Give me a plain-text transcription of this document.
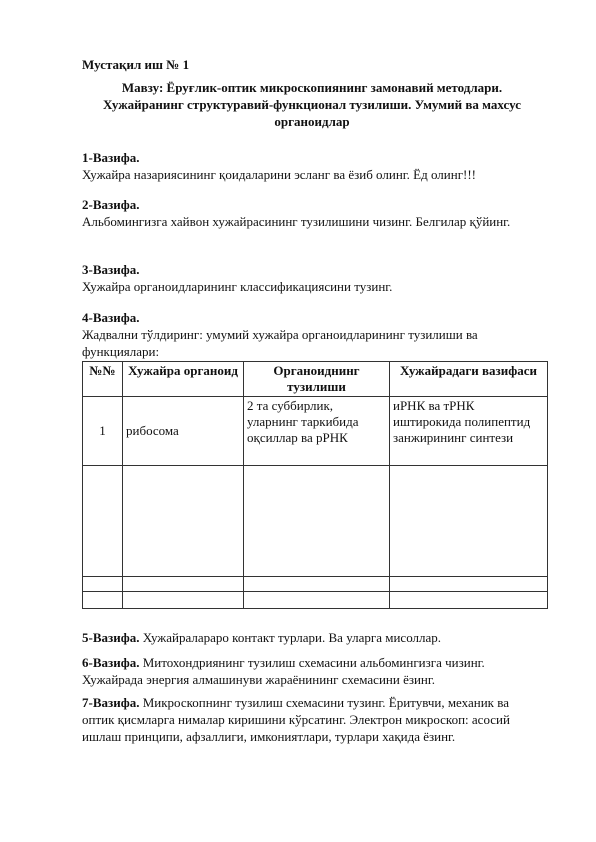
Мустақил иш № 1
Мавзу: Ёруғлик-оптик микроскопиянинг замонавий методлари. Хужайранинг структуравий-функционал тузилиши. Умумий ва махсус органоидлар
1-Вазифа.
Хужайра назариясининг қоидаларини эсланг ва ёзиб олинг. Ёд олинг!!!
2-Вазифа.
Альбомингизга хайвон хужайрасининг тузилишини чизинг. Белгилар қўйинг.
3-Вазифа.
Хужайра органоидларининг классификациясини тузинг.
4-Вазифа.
Жадвални тўлдиринг: умумий хужайра органоидларининг тузилиши ва функциялари:
№№	Хужайра органоид	Органоиднинг тузилиши	Хужайрадаги вазифаси
1	рибосома	2 та суббирлик, уларнинг таркибида оқсиллар ва рРНК	иРНК ва тРНК иштирокида полипептид занжирининг синтези

5-Вазифа. Хужайралараро контакт турлари. Ва уларга мисоллар.
6-Вазифа. Митохондриянинг тузилиш схемасини альбомингизга чизинг. Хужайрада энергия алмашинуви жараёнининг схемасини ёзинг.
7-Вазифа. Микроскопнинг тузилиш схемасини тузинг. Ёритувчи, механик ва оптик қисмларга нималар киришини кўрсатинг. Электрон микроскоп: асосий ишлаш принципи, афзаллиги, имкониятлари, турлари хақида ёзинг.
